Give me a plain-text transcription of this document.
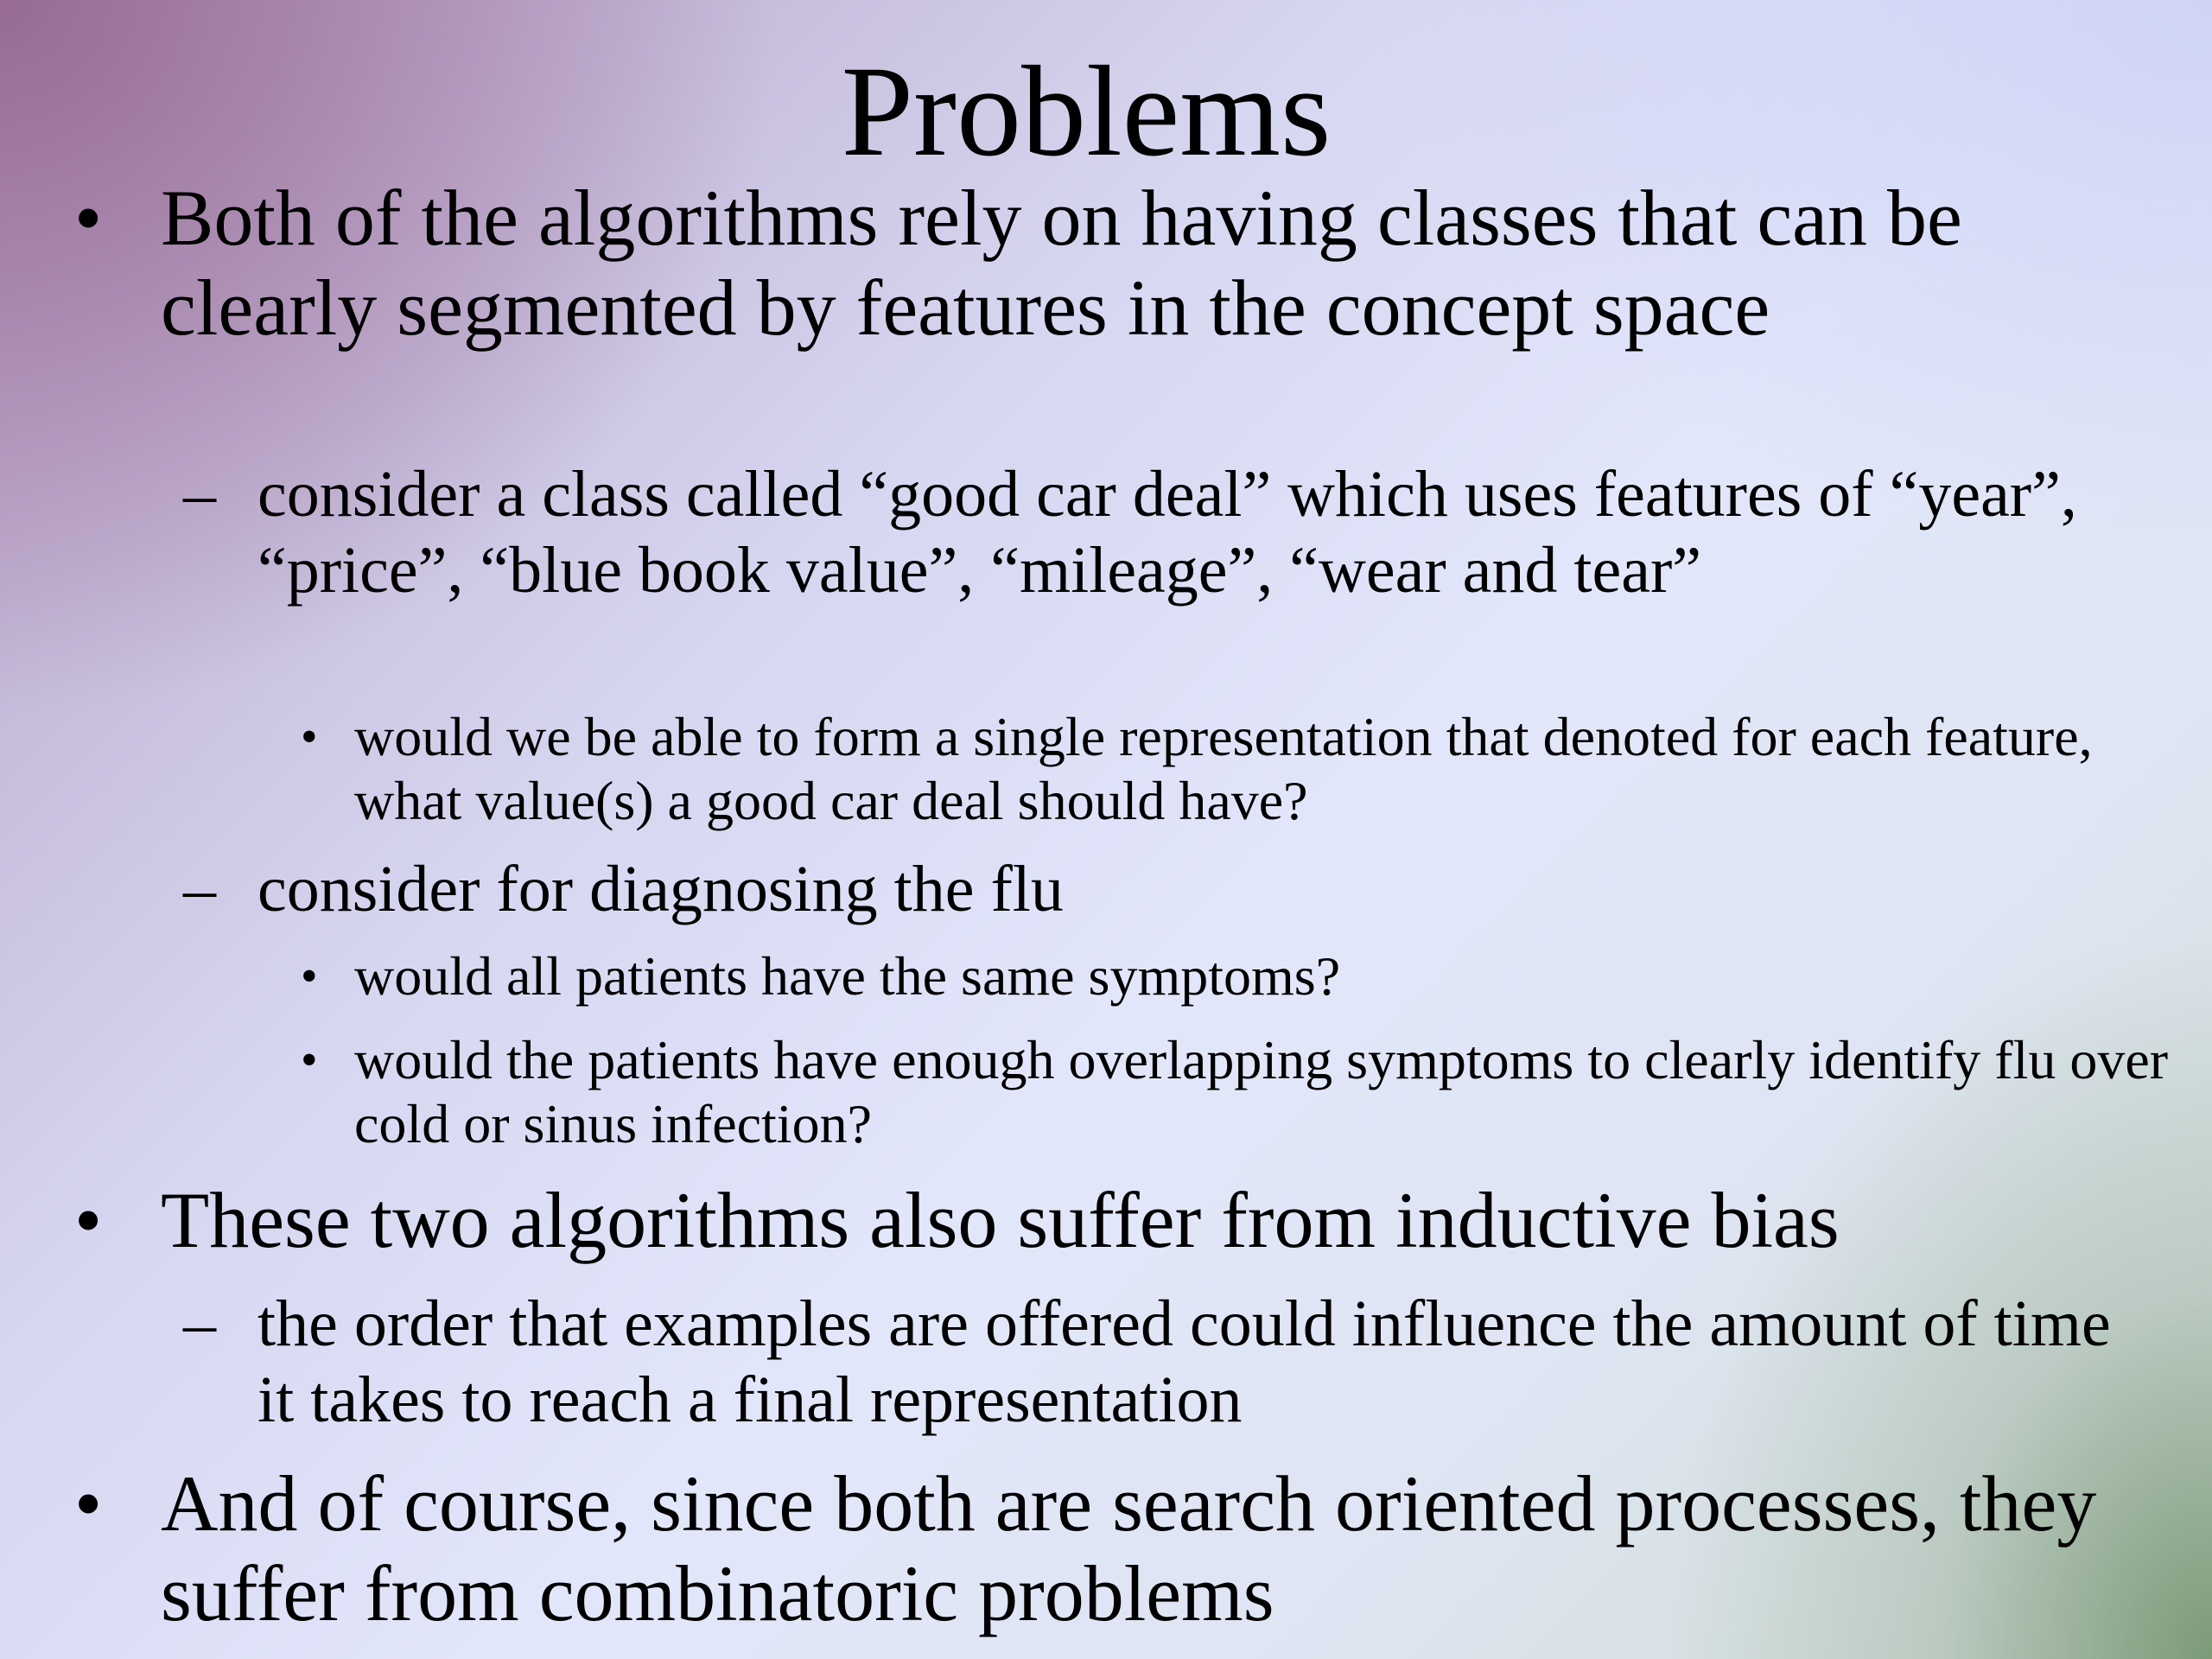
Problems
• Both of the algorithms rely on having classes that can be clearly segmented by features in the concept space
– consider a class called “good car deal” which uses features of “year”, “price”, “blue book value”, “mileage”, “wear and tear”
• would we be able to form a single representation that denoted for each feature, what value(s) a good car deal should have?
– consider for diagnosing the flu
• would all patients have the same symptoms?
• would the patients have enough overlapping symptoms to clearly identify flu over cold or sinus infection?
• These two algorithms also suffer from inductive bias
– the order that examples are offered could influence the amount of time it takes to reach a final representation
• And of course, since both are search oriented processes, they suffer from combinatoric problems
